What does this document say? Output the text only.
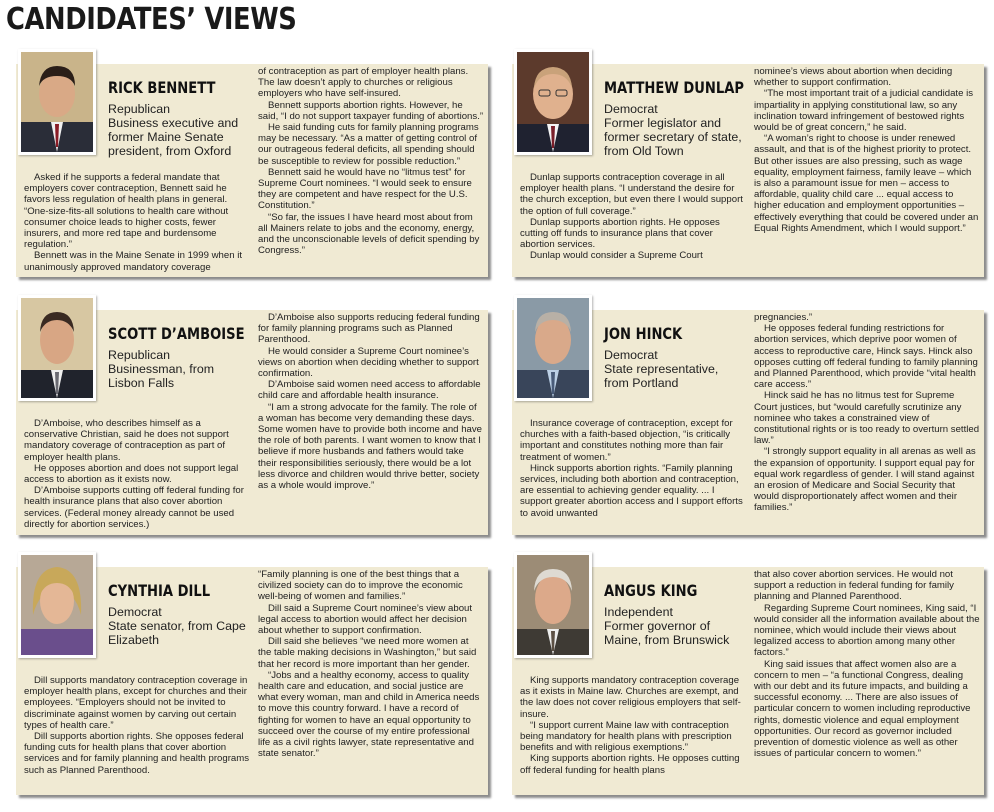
CANDIDATES’ VIEWS
RICK BENNETT
Republican
Business executive and former Maine Senate president, from Oxford

Asked if he supports a federal mandate that employers cover contraception, Bennett said he favors less regulation of health plans in general. “One-size-fits-all solutions to health care without consumer choice leads to higher costs, fewer insurers, and more red tape and burdensome regulation.”

Bennett was in the Maine Senate in 1999 when it unanimously approved mandatory coverage

of contraception as part of employer health plans. The law doesn’t apply to churches or religious employers who have self-insured.

Bennett supports abortion rights. However, he said, “I do not support taxpayer funding of abortions.”

He said funding cuts for family planning programs may be necessary. “As a matter of getting control of our outrageous federal deficits, all spending should be susceptible to review for possible reduction.”

Bennett said he would have no “litmus test” for Supreme Court nominees. “I would seek to ensure they are competent and have respect for the U.S. Constitution.”

“So far, the issues I have heard most about from all Mainers relate to jobs and the economy, energy, and the unconscionable levels of deficit spending by Congress.”

MATTHEW DUNLAP
Democrat
Former legislator and former secretary of state, from Old Town

Dunlap supports contraception coverage in all employer health plans. “I understand the desire for the church exception, but even there I would support the option of full coverage.”

Dunlap supports abortion rights. He opposes cutting off funds to insurance plans that cover abortion services.

Dunlap would consider a Supreme Court

nominee’s views about abortion when deciding whether to support confirmation.

“The most important trait of a judicial candidate is impartiality in applying constitutional law, so any inclination toward infringement of bestowed rights would be of great concern,” he said.

“A woman’s right to choose is under renewed assault, and that is of the highest priority to protect. But other issues are also pressing, such as wage equality, employment fairness, family leave – which is also a paramount issue for men – access to affordable, quality child care ... equal access to higher education and employment opportunities – effectively everything that could be covered under an Equal Rights Amendment, which I would support.”

SCOTT D’AMBOISE
Republican
Businessman, from Lisbon Falls

D’Amboise, who describes himself as a conservative Christian, said he does not support mandatory coverage of contraception as part of employer health plans.

He opposes abortion and does not support legal access to abortion as it exists now.

D’Amboise supports cutting off federal funding for health insurance plans that also cover abortion services. (Federal money already cannot be used directly for abortion services.)

D’Amboise also supports reducing federal funding for family planning programs such as Planned Parenthood.

He would consider a Supreme Court nominee’s views on abortion when deciding whether to support confirmation.

D’Amboise said women need access to affordable child care and affordable health insurance.

“I am a strong advocate for the family. The role of a woman has become very demanding these days. Some women have to provide both income and have the role of both parents. I want women to know that I believe if more husbands and fathers would take their responsibilities seriously, there would be a lot less divorce and children would thrive better, society as a whole would improve.”

JON HINCK
Democrat
State representative, from Portland

Insurance coverage of contraception, except for churches with a faith-based objection, “is critically important and constitutes nothing more than fair treatment of women.”

Hinck supports abortion rights. “Family planning services, including both abortion and contraception, are essential to achieving gender equality. ... I support greater abortion access and I support efforts to avoid unwanted

pregnancies.”

He opposes federal funding restrictions for abortion services, which deprive poor women of access to reproductive care, Hinck says. Hinck also opposes cutting off federal funding to family planning and Planned Parenthood, which provide “vital health care access.”

Hinck said he has no litmus test for Supreme Court justices, but “would carefully scrutinize any nominee who takes a constrained view of constitutional rights or is too ready to overturn settled law.”

“I strongly support equality in all arenas as well as the expansion of opportunity. I support equal pay for equal work regardless of gender. I will stand against an erosion of Medicare and Social Security that would disproportionately affect women and their families.”

CYNTHIA DILL
Democrat
State senator, from Cape Elizabeth

Dill supports mandatory contraception coverage in employer health plans, except for churches and their employees. “Employers should not be invited to discriminate against women by carving out certain types of health care.”

Dill supports abortion rights. She opposes federal funding cuts for health plans that cover abortion services and for family planning and health programs such as Planned Parenthood.

“Family planning is one of the best things that a civilized society can do to improve the economic well-being of women and families.”

Dill said a Supreme Court nominee’s view about legal access to abortion would affect her decision about whether to support confirmation.

Dill said she believes “we need more women at the table making decisions in Washington,” but said that her record is more important than her gender.

“Jobs and a healthy economy, access to quality health care and education, and social justice are what every woman, man and child in America needs to move this country forward. I have a record of fighting for women to have an equal opportunity to succeed over the course of my entire professional life as a civil rights lawyer, state representative and state senator.”

ANGUS KING
Independent
Former governor of Maine, from Brunswick

King supports mandatory contraception coverage as it exists in Maine law. Churches are exempt, and the law does not cover religious employers that self-insure.

“I support current Maine law with contraception being mandatory for health plans with prescription benefits and with religious exemptions.”

King supports abortion rights. He opposes cutting off federal funding for health plans

that also cover abortion services. He would not support a reduction in federal funding for family planning and Planned Parenthood.

Regarding Supreme Court nominees, King said, “I would consider all the information available about the nominee, which would include their views about legalized access to abortion among many other factors.”

King said issues that affect women also are a concern to men – “a functional Congress, dealing with our debt and its future impacts, and building a successful economy. ... There are also issues of particular concern to women including reproductive rights, domestic violence and equal employment opportunities. Our record as governor included prevention of domestic violence as well as other issues of particular concern to women.”
